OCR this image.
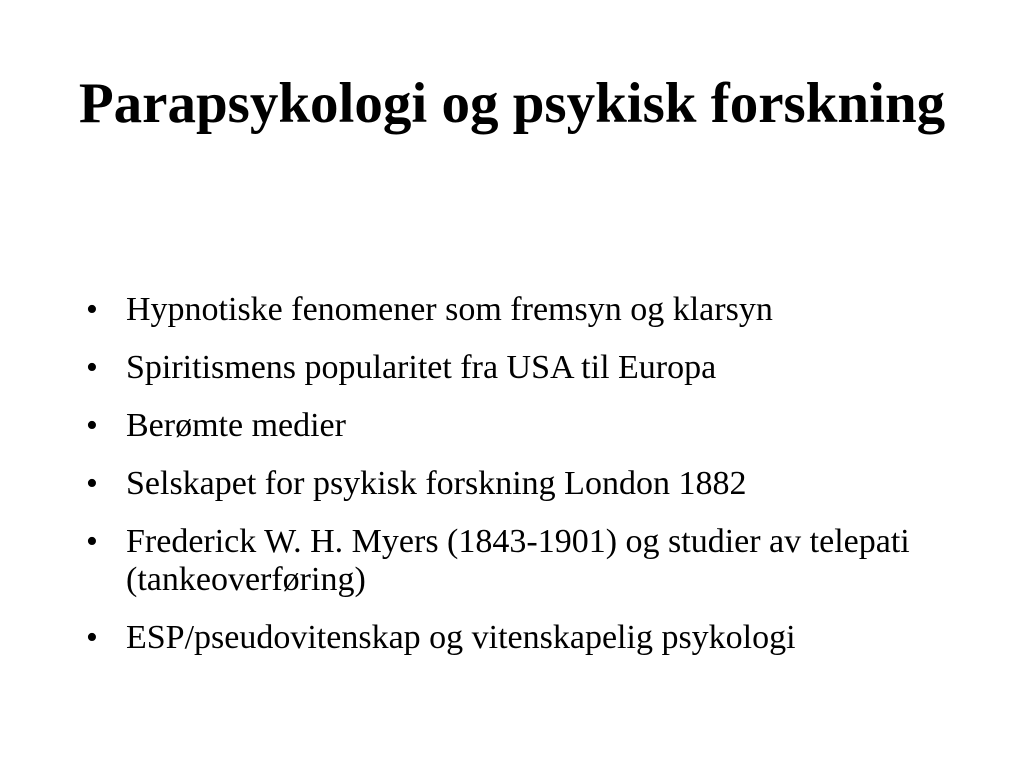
Parapsykologi og psykisk forskning
• Hypnotiske fenomener som fremsyn og klarsyn
• Spiritismens popularitet fra USA til Europa
• Berømte medier
• Selskapet for psykisk forskning London 1882
• Frederick W. H. Myers (1843-1901) og studier av telepati (tankeoverføring)
• ESP/pseudovitenskap og vitenskapelig psykologi
